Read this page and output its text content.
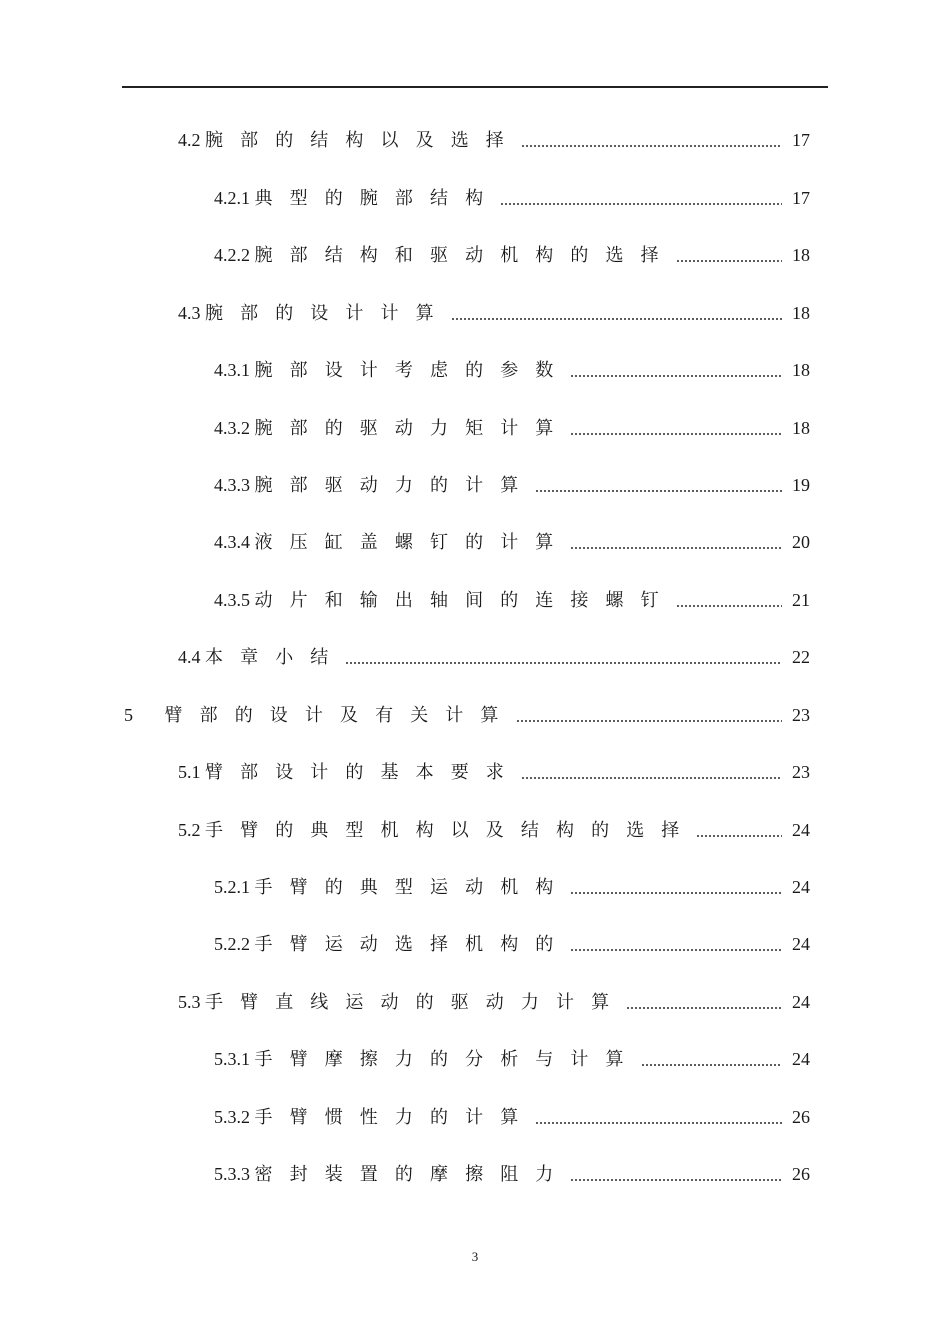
4.2 腕部的结构以及选择	17
4.2.1 典型的腕部结构	17
4.2.2 腕部结构和驱动机构的选择	18
4.3 腕部的设计计算	18
4.3.1 腕部设计考虑的参数	18
4.3.2 腕部的驱动力矩计算	18
4.3.3 腕部驱动力的计算	19
4.3.4 液压缸盖螺钉的计算	20
4.3.5 动片和输出轴间的连接螺钉	21
4.4 本章小结	22
5	臂部的设计及有关计算	23
5.1 臂部设计的基本要求	23
5.2 手臂的典型机构以及结构的选择	24
5.2.1 手臂的典型运动机构	24
5.2.2 手臂运动选择机构的	24
5.3 手臂直线运动的驱动力计算	24
5.3.1 手臂摩擦力的分析与计算	24
5.3.2 手臂惯性力的计算	26
5.3.3 密封装置的摩擦阻力	26
3
